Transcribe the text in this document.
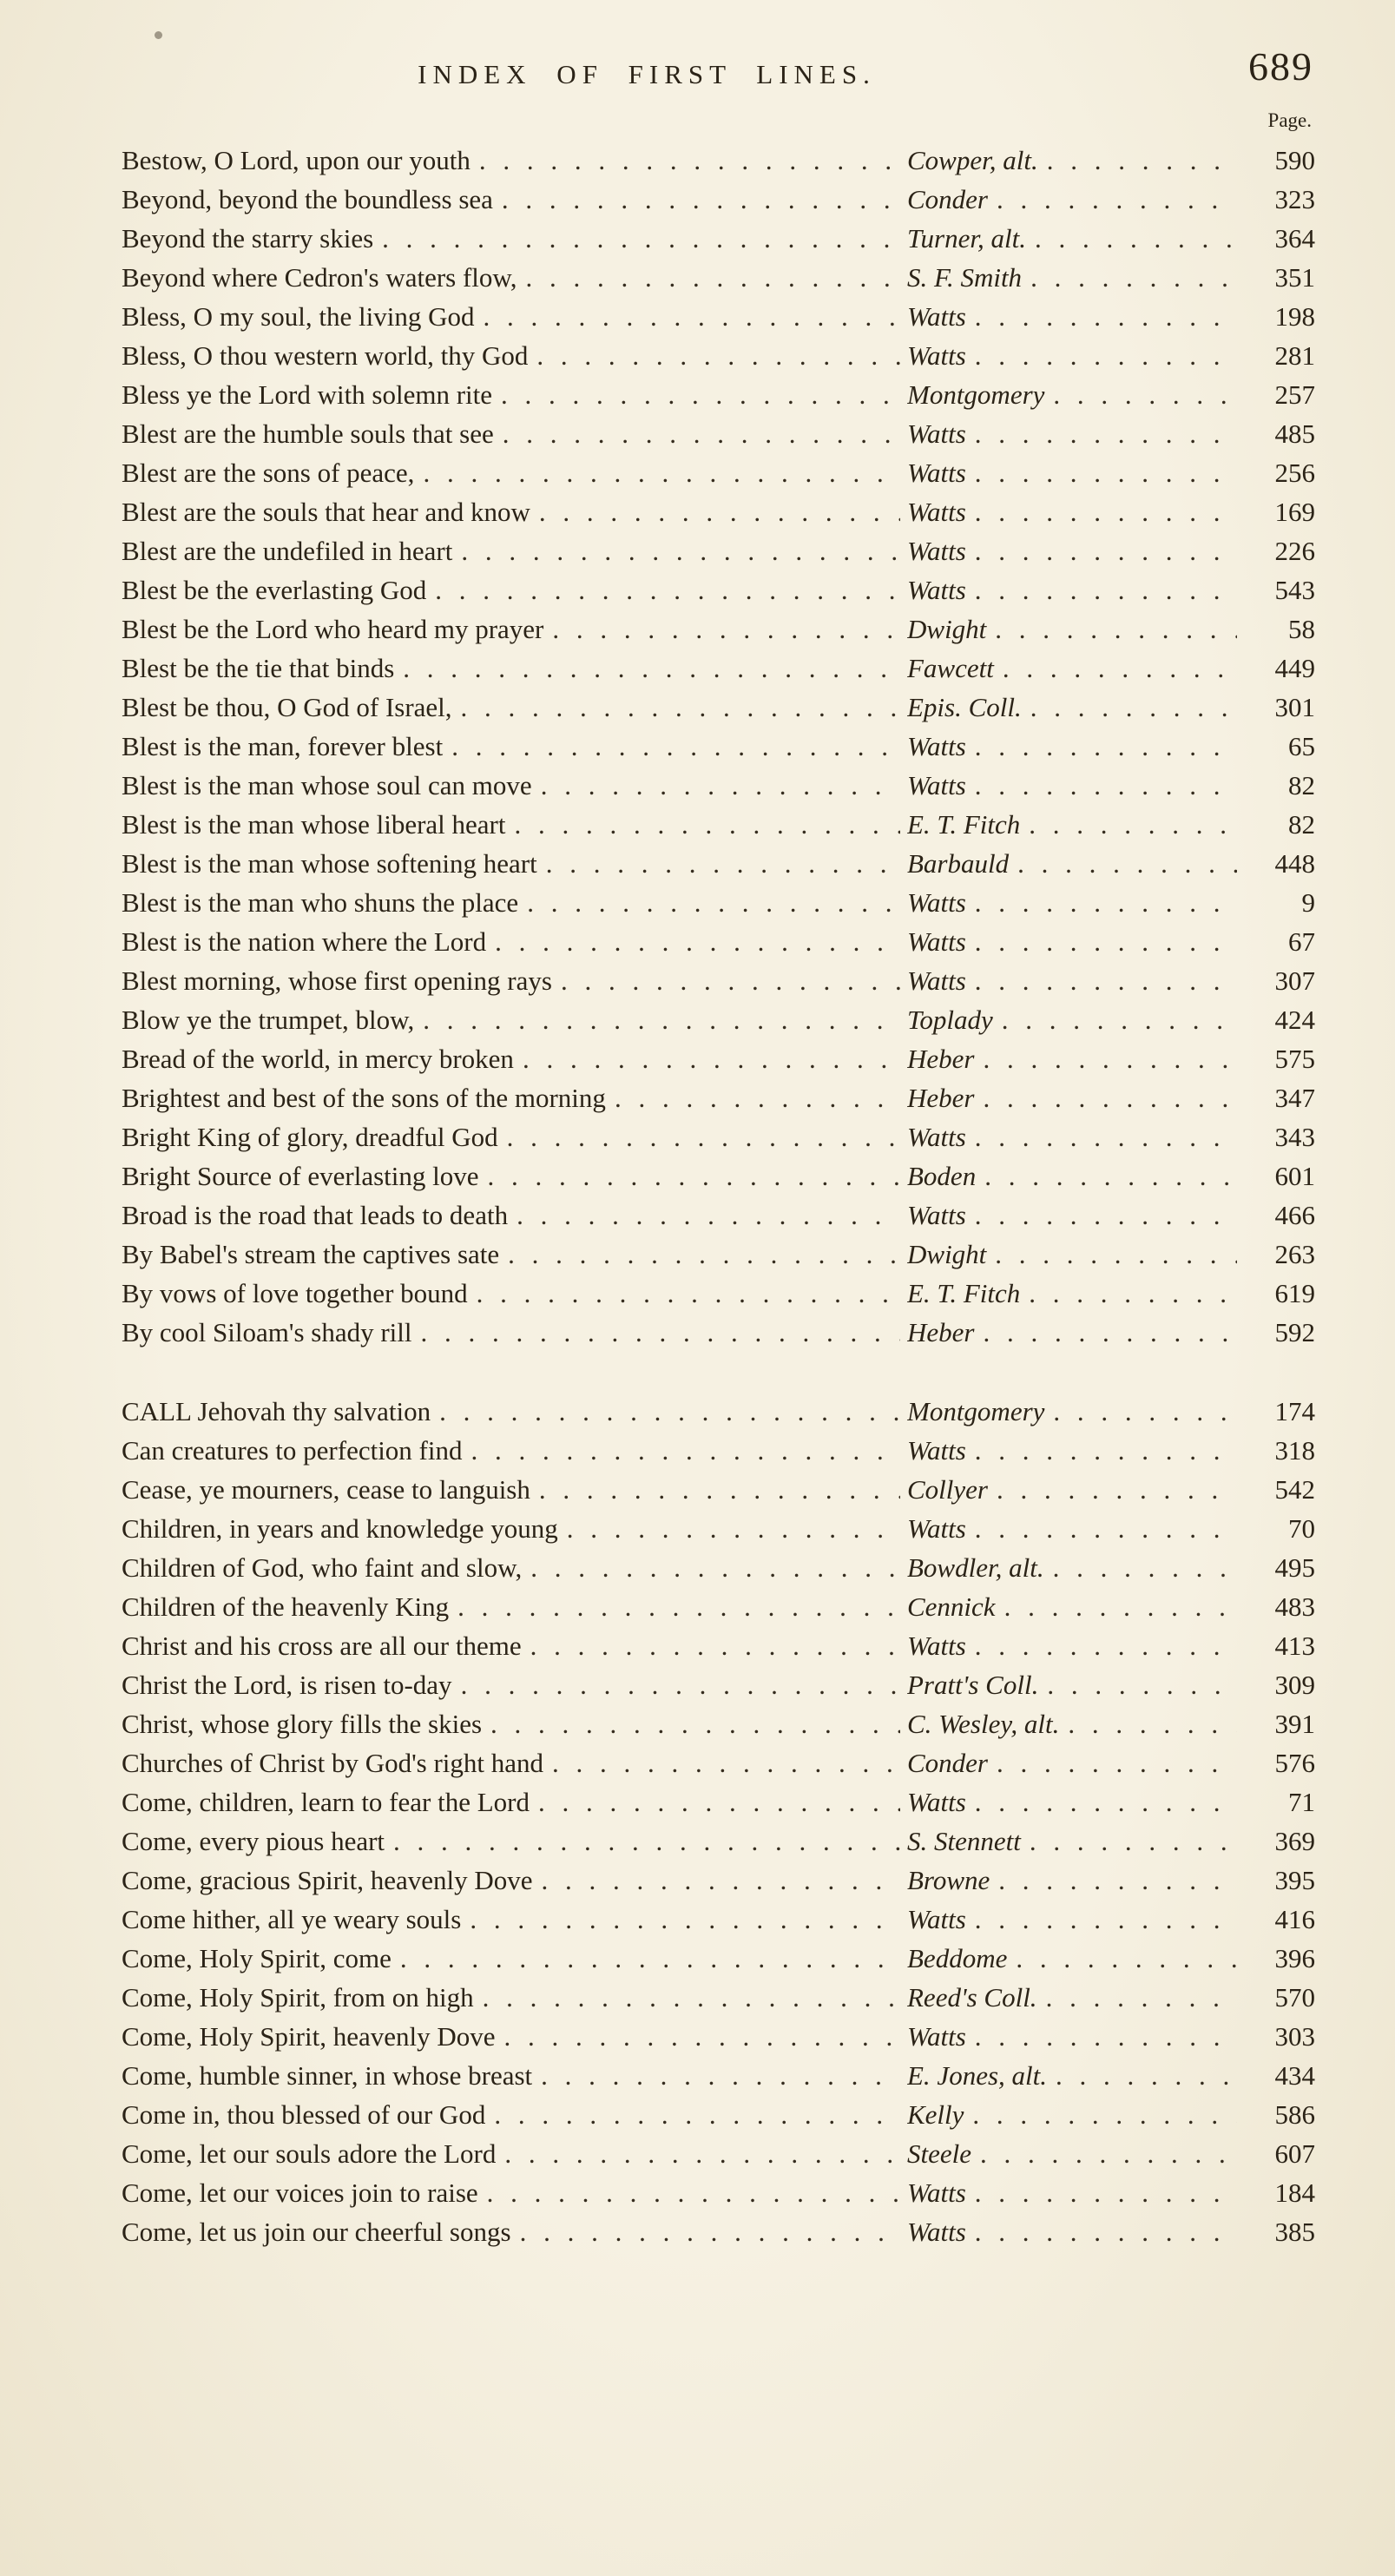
INDEX OF FIRST LINES.	689
Page.
Bestow, O Lord, upon our youth . . .	Cowper, alt. . . .	590
Beyond, beyond the boundless sea . . .	Conder . . .	323
Beyond the starry skies . . .	Turner, alt. . . .	364
Beyond where Cedron's waters flow, . . .	S. F. Smith . . .	351
Bless, O my soul, the living God . . .	Watts . . .	198
Bless, O thou western world, thy God . . .	Watts . . .	281
Bless ye the Lord with solemn rite . . .	Montgomery . . .	257
Blest are the humble souls that see . . .	Watts . . .	485
Blest are the sons of peace, . . .	Watts . . .	256
Blest are the souls that hear and know . . .	Watts . . .	169
Blest are the undefiled in heart . . .	Watts . . .	226
Blest be the everlasting God . . .	Watts . . .	543
Blest be the Lord who heard my prayer . . .	Dwight . . .	58
Blest be the tie that binds . . .	Fawcett . . .	449
Blest be thou, O God of Israel, . . .	Epis. Coll. . . .	301
Blest is the man, forever blest . . .	Watts . . .	65
Blest is the man whose soul can move . . .	Watts . . .	82
Blest is the man whose liberal heart . . .	E. T. Fitch . . .	82
Blest is the man whose softening heart . . .	Barbauld . . .	448
Blest is the man who shuns the place . . .	Watts . . .	9
Blest is the nation where the Lord . . .	Watts . . .	67
Blest morning, whose first opening rays . . .	Watts . . .	307
Blow ye the trumpet, blow, . . .	Toplady . . .	424
Bread of the world, in mercy broken . . .	Heber . . .	575
Brightest and best of the sons of the morning . . .	Heber . . .	347
Bright King of glory, dreadful God . . .	Watts . . .	343
Bright Source of everlasting love . . .	Boden . . .	601
Broad is the road that leads to death . . .	Watts . . .	466
By Babel's stream the captives sate . . .	Dwight . . .	263
By vows of love together bound . . .	E. T. Fitch . . .	619
By cool Siloam's shady rill . . .	Heber . . .	592
CALL Jehovah thy salvation . . .	Montgomery . . .	174
Can creatures to perfection find . . .	Watts . . .	318
Cease, ye mourners, cease to languish . . .	Collyer . . .	542
Children, in years and knowledge young . . .	Watts . . .	70
Children of God, who faint and slow, . . .	Bowdler, alt. . . .	495
Children of the heavenly King . . .	Cennick . . .	483
Christ and his cross are all our theme . . .	Watts . . .	413
Christ the Lord, is risen to-day . . .	Pratt's Coll. . . .	309
Christ, whose glory fills the skies . . .	C. Wesley, alt. . . .	391
Churches of Christ by God's right hand . . .	Conder . . .	576
Come, children, learn to fear the Lord . . .	Watts . . .	71
Come, every pious heart . . .	S. Stennett . . .	369
Come, gracious Spirit, heavenly Dove . . .	Browne . . .	395
Come hither, all ye weary souls . . .	Watts . . .	416
Come, Holy Spirit, come . . .	Beddome . . .	396
Come, Holy Spirit, from on high . . .	Reed's Coll. . . .	570
Come, Holy Spirit, heavenly Dove . . .	Watts . . .	303
Come, humble sinner, in whose breast . . .	E. Jones, alt. . . .	434
Come in, thou blessed of our God . . .	Kelly . . .	586
Come, let our souls adore the Lord . . .	Steele . . .	607
Come, let our voices join to raise . . .	Watts . . .	184
Come, let us join our cheerful songs . . .	Watts . . .	385
